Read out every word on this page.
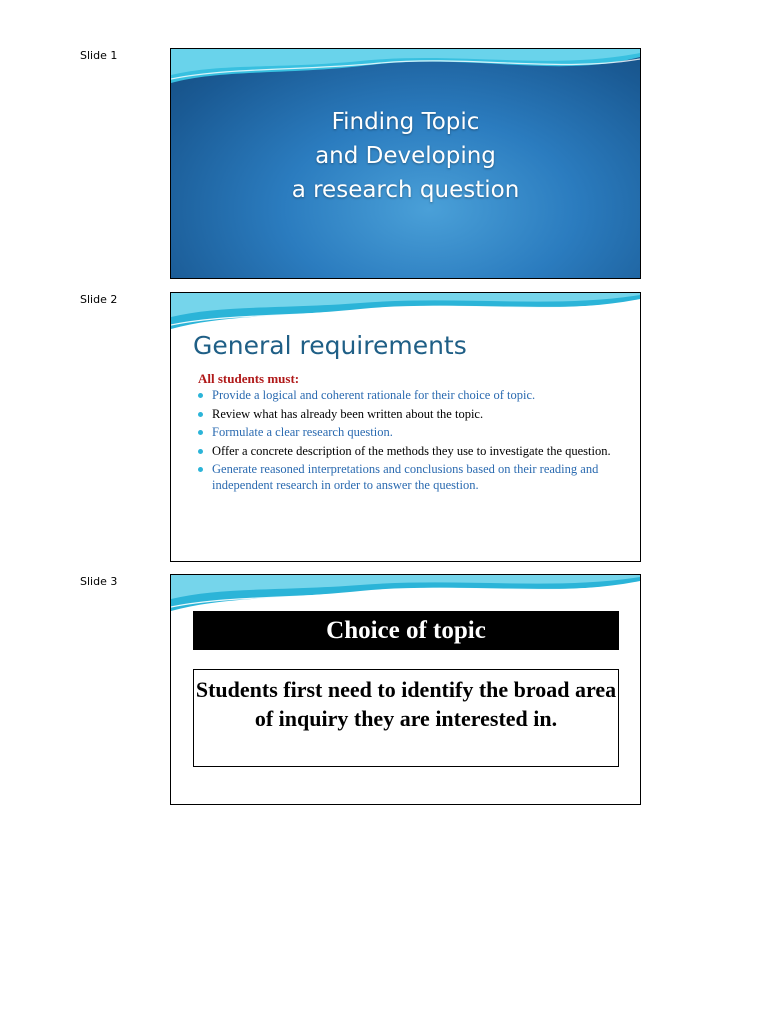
Slide 1
Finding Topic
and Developing
a research question
Slide 2
General requirements
All students must:
Provide a logical and coherent rationale for their choice of topic.
Review what has already been written about the topic.
Formulate a clear research question.
Offer a concrete description of the methods they use to investigate the question.
Generate reasoned interpretations and conclusions based on their reading and independent research in order to answer the question.
Slide 3
Choice of topic
Students first need to identify the broad area of inquiry they are interested in.
